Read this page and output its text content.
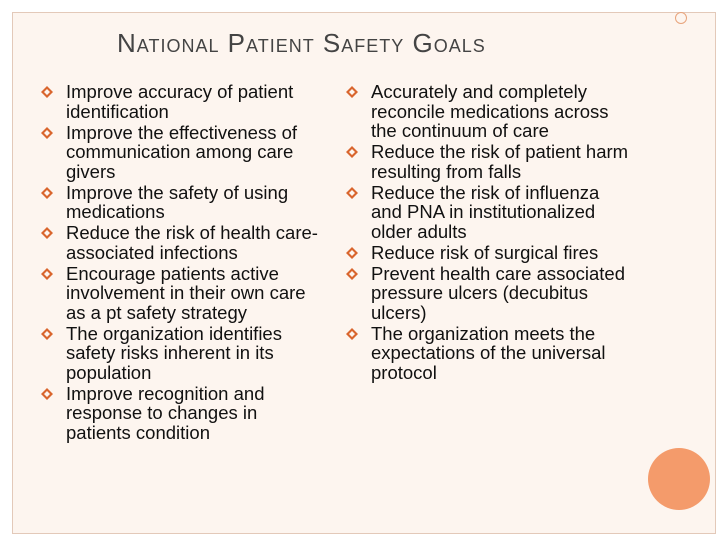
National Patient Safety Goals
Improve accuracy of patient identification
Improve the effectiveness of communication among care givers
Improve the safety of using medications
Reduce the risk of health care-associated infections
Encourage patients active involvement in their own care as a pt safety strategy
The organization identifies safety risks inherent in its population
Improve recognition and response to changes in patients condition
Accurately and completely reconcile medications across the continuum of care
Reduce the risk of patient harm resulting from falls
Reduce the risk of influenza and PNA in institutionalized older adults
Reduce risk of surgical fires
Prevent health care associated pressure ulcers (decubitus ulcers)
The organization meets the expectations of the universal protocol
